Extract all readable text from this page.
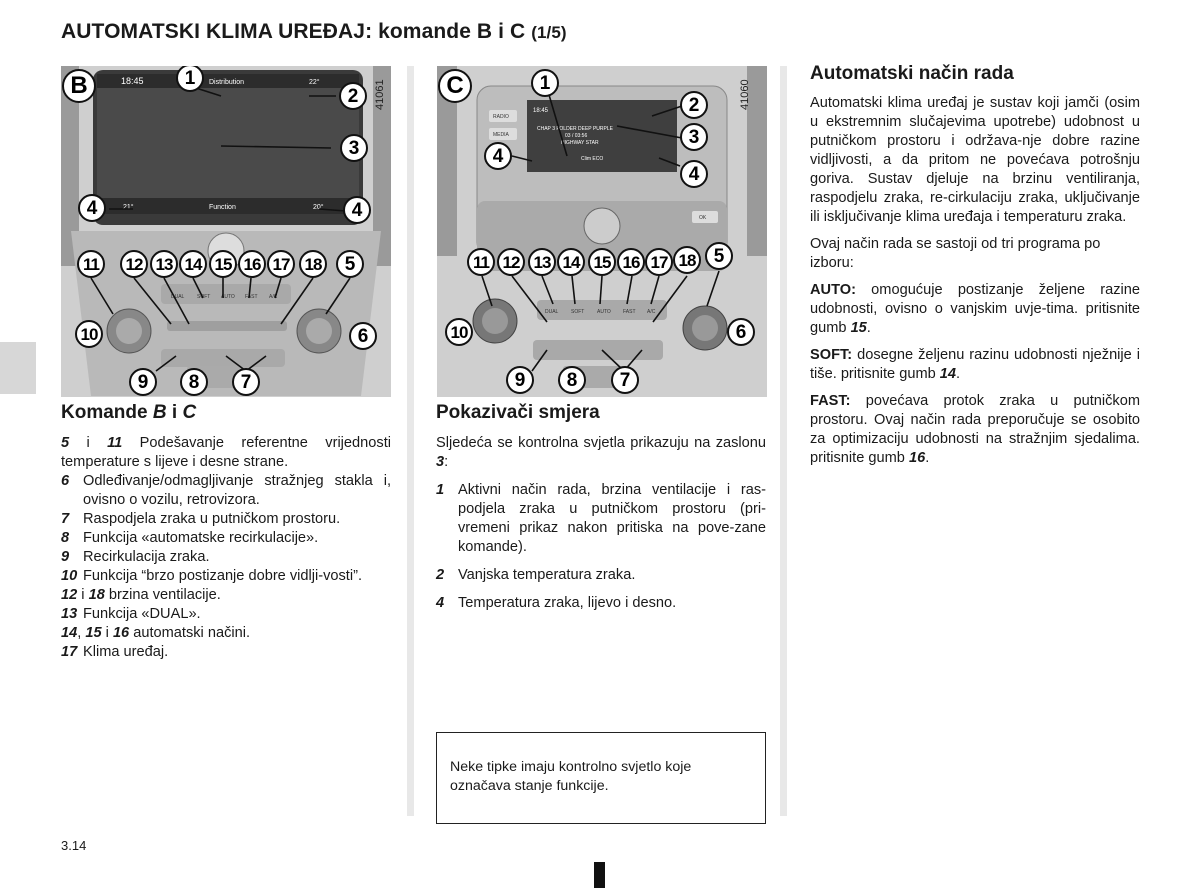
AUTOMATSKI KLIMA UREĐAJ: komande B i C (1/5)
18:45	Distribution	22°
21°	Function	20°
DUAL	SOFT AUTO FAST A/C
B	1
2
3
4	4
11	12 13 14 15 16 17 18	5
10	6
9	8	7
41061
18:45
CHAP 3 FOLDER DEEP PURPLE
03 / 03:56
HIGHWAY STAR
Clim ECO
RADIO
MEDIA
OK
DUAL	SOFT	AUTO FAST A/C
C	1
2
3
4
4
11 12 13 14 15 16 17 18 5
10	6
9	8	7
41060
Komande B i C
5 i 11 Podešavanje referentne vrijednosti temperature s lijeve i desne strane.
6 Odleđivanje/odmagljivanje stražnjeg stakla i, ovisno o vozilu, retrovizora.
7 Raspodjela zraka u putničkom prostoru.
8 Funkcija «automatske recirkulacije».
9 Recirkulacija zraka.
10 Funkcija “brzo postizanje dobre vidlji-vosti”.
12 i 18 brzina ventilacije.
13 Funkcija «DUAL».
14, 15 i 16 automatski načini.
17 Klima uređaj.
Pokazivači smjera
Sljedeća se kontrolna svjetla prikazuju na zaslonu 3:
1 Aktivni način rada, brzina ventilacije i ras-podjela zraka u putničkom prostoru (pri-vremeni prikaz nakon pritiska na pove-zane komande).
2 Vanjska temperatura zraka.
4 Temperatura zraka, lijevo i desno.
Neke tipke imaju kontrolno svjetlo koje označava stanje funkcije.
Automatski način rada

Automatski klima uređaj je sustav koji jamči (osim u ekstremnim slučajevima upotrebe) udobnost u putničkom prostoru i održava-nje dobre razine vidljivosti, a da pritom ne povećava potrošnju goriva. Sustav djeluje na brzinu ventiliranja, raspodjelu zraka, re-cirkulaciju zraka, uključivanje ili isključivanje klima uređaja i temperaturu zraka.

Ovaj način rada se sastoji od tri programa po izboru:

AUTO: omogućuje postizanje željene razine udobnosti, ovisno o vanjskim uvje-tima. pritisnite gumb 15.

SOFT: dosegne željenu razinu udobnosti nježnije i tiše. pritisnite gumb 14.

FAST: povećava protok zraka u putničkom prostoru. Ovaj način rada preporučuje se osobito za optimizaciju udobnosti na stražnjim sjedalima. pritisnite gumb 16.

3.14
